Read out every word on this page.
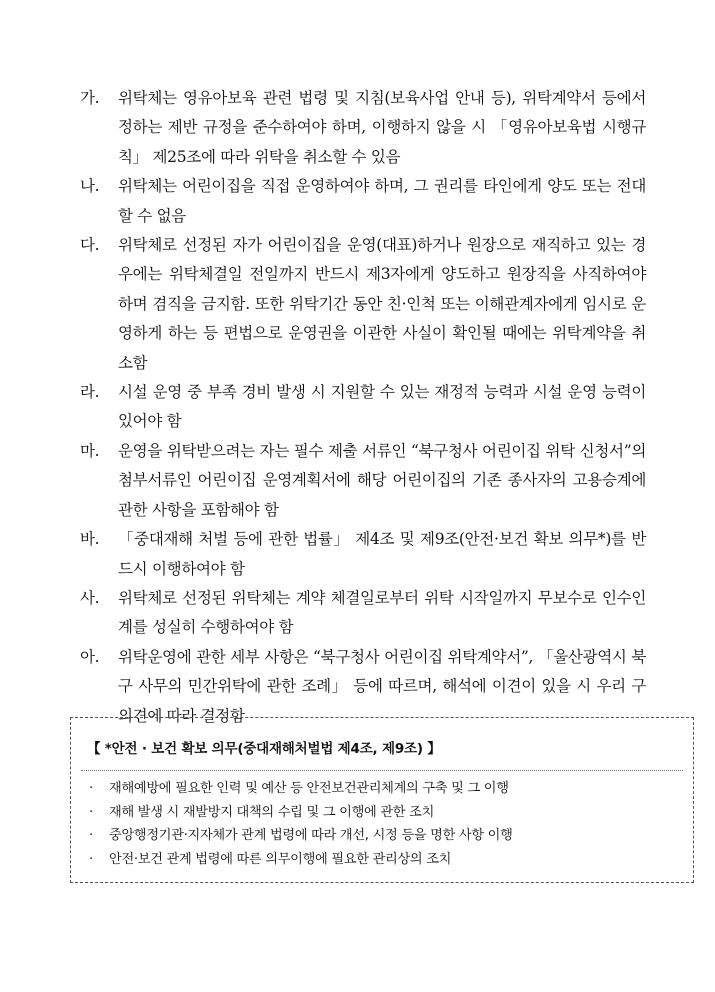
가. 위탁체는 영유아보육 관련 법령 및 지침(보육사업 안내 등), 위탁계약서 등에서 정하는 제반 규정을 준수하여야 하며, 이행하지 않을 시 「영유아보육법 시행규칙」 제25조에 따라 위탁을 취소할 수 있음

나. 위탁체는 어린이집을 직접 운영하여야 하며, 그 권리를 타인에게 양도 또는 전대할 수 없음

다. 위탁체로 선정된 자가 어린이집을 운영(대표)하거나 원장으로 재직하고 있는 경우에는 위탁체결일 전일까지 반드시 제3자에게 양도하고 원장직을 사직하여야 하며 겸직을 금지함. 또한 위탁기간 동안 친·인척 또는 이해관계자에게 임시로 운영하게 하는 등 편법으로 운영권을 이관한 사실이 확인될 때에는 위탁계약을 취소함

라. 시설 운영 중 부족 경비 발생 시 지원할 수 있는 재정적 능력과 시설 운영 능력이 있어야 함

마. 운영을 위탁받으려는 자는 필수 제출 서류인 “북구청사 어린이집 위탁 신청서”의 첨부서류인 어린이집 운영계획서에 해당 어린이집의 기존 종사자의 고용승계에 관한 사항을 포함해야 함

바. 「중대재해 처벌 등에 관한 법률」 제4조 및 제9조(안전·보건 확보 의무*)를 반드시 이행하여야 함

사. 위탁체로 선정된 위탁체는 계약 체결일로부터 위탁 시작일까지 무보수로 인수인계를 성실히 수행하여야 함

아. 위탁운영에 관한 세부 사항은 “북구청사 어린이집 위탁계약서”, 「울산광역시 북구 사무의 민간위탁에 관한 조례」 등에 따르며, 해석에 이견이 있을 시 우리 구 의견에 따라 결정함

【 *안전 · 보건 확보 의무(중대재해처벌법 제4조, 제9조) 】
· 재해예방에 필요한 인력 및 예산 등 안전보건관리체계의 구축 및 그 이행
· 재해 발생 시 재발방지 대책의 수립 및 그 이행에 관한 조치
· 중앙행정기관·지자체가 관계 법령에 따라 개선, 시정 등을 명한 사항 이행
· 안전·보건 관계 법령에 따른 의무이행에 필요한 관리상의 조치
